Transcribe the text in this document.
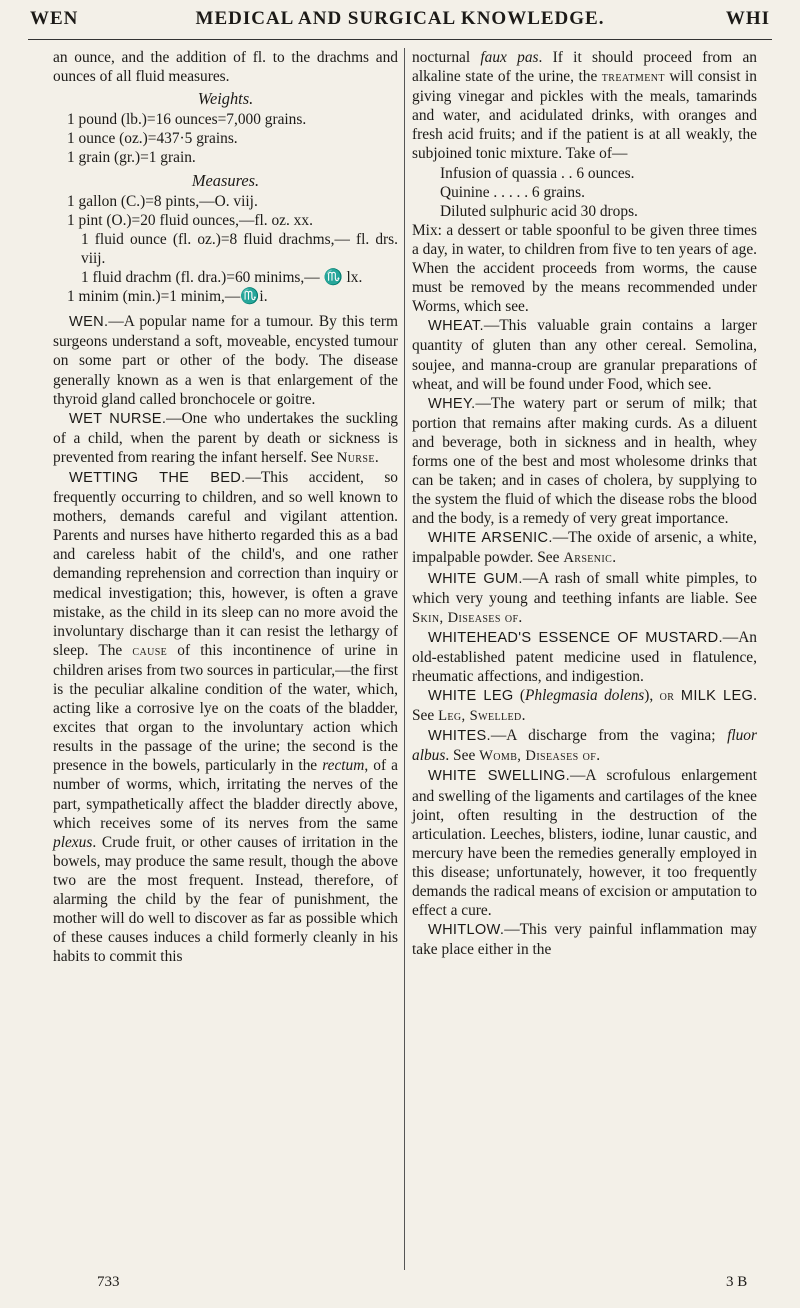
WEN	MEDICAL AND SURGICAL KNOWLEDGE.	WHI

an ounce, and the addition of fl. to the drachms and ounces of all fluid measures.

Weights.

1 pound (lb.)=16 ounces=7,000 grains.

1 ounce (oz.)=437·5 grains.

1 grain (gr.)=1 grain.

Measures.

1 gallon (C.)=8 pints,—O. viij.

1 pint (O.)=20 fluid ounces,—fl. oz. xx.

1 fluid ounce (fl. oz.)=8 fluid drachms,— fl. drs. viij.

1 fluid drachm (fl. dra.)=60 minims,— ♏ lx.

1 minim (min.)=1 minim,—♏i.

WEN.—A popular name for a tumour. By this term surgeons understand a soft, moveable, encysted tumour on some part or other of the body. The disease generally known as a wen is that enlargement of the thyroid gland called bronchocele or goitre.

WET NURSE.—One who undertakes the suckling of a child, when the parent by death or sickness is prevented from rearing the infant herself. See Nurse.

WETTING THE BED.—This accident, so frequently occurring to children, and so well known to mothers, demands careful and vigilant attention. Parents and nurses have hitherto regarded this as a bad and careless habit of the child's, and one rather demanding reprehension and correction than inquiry or medical investigation; this, however, is often a grave mistake, as the child in its sleep can no more avoid the involuntary discharge than it can resist the lethargy of sleep. The cause of this incontinence of urine in children arises from two sources in particular,—the first is the peculiar alkaline condition of the water, which, acting like a corrosive lye on the coats of the bladder, excites that organ to the involuntary action which results in the passage of the urine; the second is the presence in the bowels, particularly in the rectum, of a number of worms, which, irritating the nerves of the part, sympathetically affect the bladder directly above, which receives some of its nerves from the same plexus. Crude fruit, or other causes of irritation in the bowels, may produce the same result, though the above two are the most frequent. Instead, therefore, of alarming the child by the fear of punishment, the mother will do well to discover as far as possible which of these causes induces a child formerly cleanly in his habits to commit this

nocturnal faux pas. If it should proceed from an alkaline state of the urine, the treatment will consist in giving vinegar and pickles with the meals, tamarinds and water, and acidulated drinks, with oranges and fresh acid fruits; and if the patient is at all weakly, the subjoined tonic mixture. Take of—

Infusion of quassia . . 6 ounces.

Quinine . . . . . 6 grains.

Diluted sulphuric acid 30 drops.

Mix: a dessert or table spoonful to be given three times a day, in water, to children from five to ten years of age. When the accident proceeds from worms, the cause must be removed by the means recommended under Worms, which see.

WHEAT.—This valuable grain contains a larger quantity of gluten than any other cereal. Semolina, soujee, and manna-croup are granular preparations of wheat, and will be found under Food, which see.

WHEY.—The watery part or serum of milk; that portion that remains after making curds. As a diluent and beverage, both in sickness and in health, whey forms one of the best and most wholesome drinks that can be taken; and in cases of cholera, by supplying to the system the fluid of which the disease robs the blood and the body, is a remedy of very great importance.

WHITE ARSENIC.—The oxide of arsenic, a white, impalpable powder. See Arsenic.

WHITE GUM.—A rash of small white pimples, to which very young and teething infants are liable. See Skin, Diseases of.

WHITEHEAD'S ESSENCE OF MUSTARD.—An old-established patent medicine used in flatulence, rheumatic affections, and indigestion.

WHITE LEG (Phlegmasia dolens), or MILK LEG. See Leg, Swelled.

WHITES.—A discharge from the vagina; fluor albus. See Womb, Diseases of.

WHITE SWELLING.—A scrofulous enlargement and swelling of the ligaments and cartilages of the knee joint, often resulting in the destruction of the articulation. Leeches, blisters, iodine, lunar caustic, and mercury have been the remedies generally employed in this disease; unfortunately, however, it too frequently demands the radical means of excision or amputation to effect a cure.

WHITLOW.—This very painful inflammation may take place either in the

733	3 B
